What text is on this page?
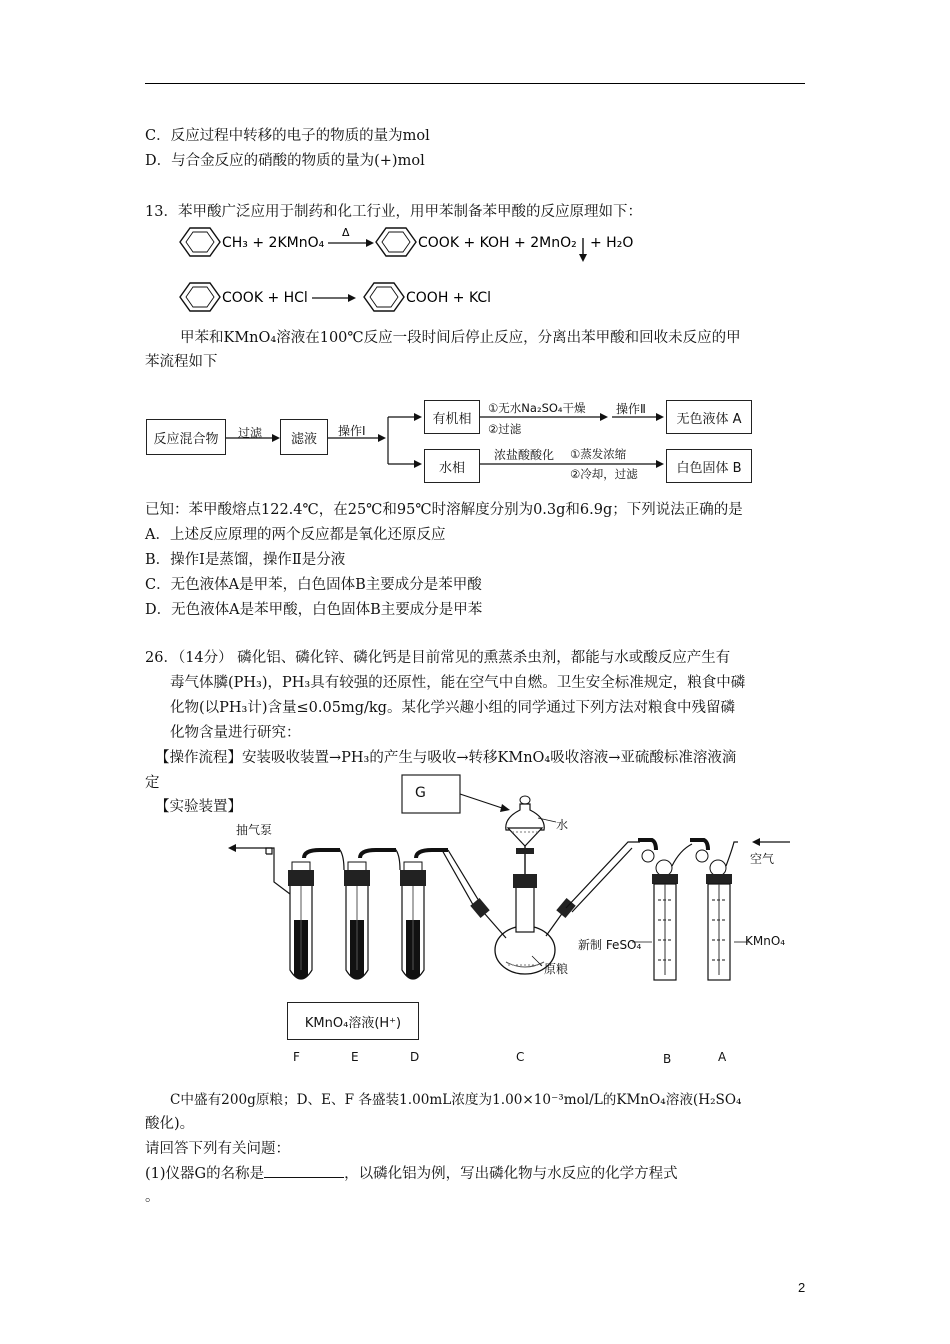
C．反应过程中转移的电子的物质的量为mol
D．与合金反应的硝酸的物质的量为(+)mol
13．苯甲酸广泛应用于制药和化工行业，用甲苯制备苯甲酸的反应原理如下：
CH₃ + 2KMnO₄
Δ
COOK + KOH + 2MnO₂ + H₂O
COOK + HCl	COOH + KCl
甲苯和KMnO₄溶液在100℃反应一段时间后停止反应，分离出苯甲酸和回收未反应的甲
苯流程如下
反应混合物	过滤	滤液
操作Ⅰ
有机相
①无水Na₂SO₄干燥
②过滤
操作Ⅱ
无色液体 A
水相
浓盐酸酸化 ①蒸发浓缩
②冷却，过滤	白色固体 B
已知：苯甲酸熔点122.4℃，在25℃和95℃时溶解度分别为0.3g和6.9g；下列说法正确的是
A．上述反应原理的两个反应都是氧化还原反应
B．操作Ⅰ是蒸馏，操作Ⅱ是分液
C．无色液体A是甲苯，白色固体B主要成分是苯甲酸
D．无色液体A是苯甲酸，白色固体B主要成分是甲苯
26．（14分） 磷化铝、磷化锌、磷化钙是目前常见的熏蒸杀虫剂，都能与水或酸反应产生有
毒气体膦(PH₃)，PH₃具有较强的还原性，能在空气中自燃。卫生安全标准规定，粮食中磷
化物(以PH₃计)含量≤0.05mg/kg。某化学兴趣小组的同学通过下列方法对粮食中残留磷
化物含量进行研究：
【操作流程】安装吸收装置→PH₃的产生与吸收→转移KMnO₄吸收溶液→亚硫酸标准溶液滴
定
【实验装置】
G
水
抽气泵
空气
新制 FeSO₄	KMnO₄
原粮
KMnO₄溶液(H⁺)
F	E	D	C	B	A
C中盛有200g原粮；D、E、F 各盛装1.00mL浓度为1.00×10⁻³mol/L的KMnO₄溶液(H₂SO₄
酸化)。
请回答下列有关问题：
(1)仪器G的名称是	，以磷化铝为例，写出磷化物与水反应的化学方程式
。
2
